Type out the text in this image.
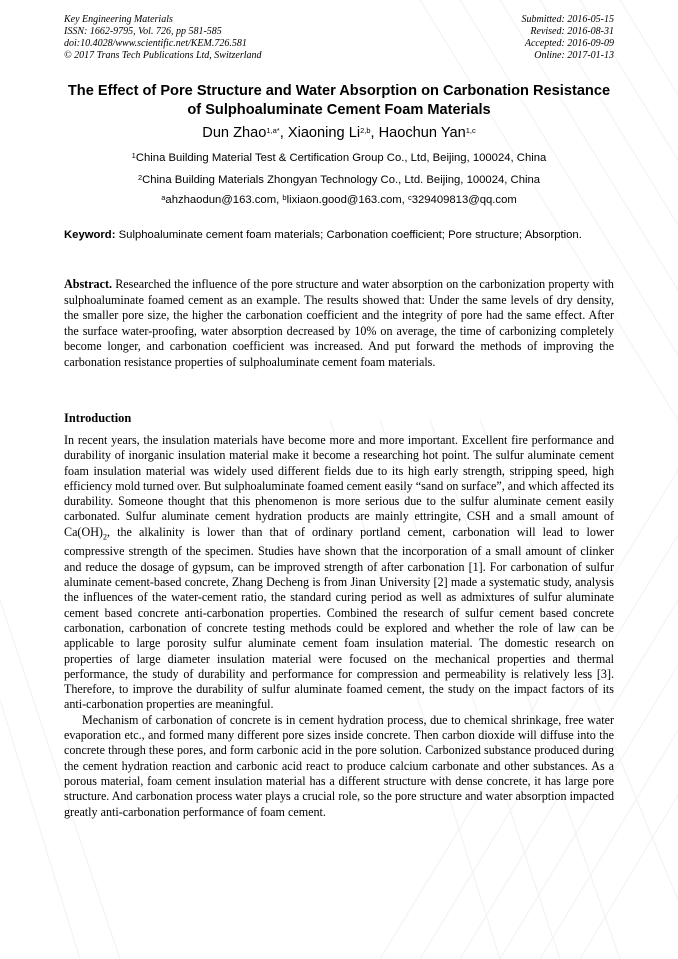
Key Engineering Materials
ISSN: 1662-9795, Vol. 726, pp 581-585
doi:10.4028/www.scientific.net/KEM.726.581
© 2017 Trans Tech Publications Ltd, Switzerland
Submitted: 2016-05-15
Revised: 2016-08-31
Accepted: 2016-09-09
Online: 2017-01-13
The Effect of Pore Structure and Water Absorption on Carbonation Resistance of Sulphoaluminate Cement Foam Materials
Dun Zhao$^{1,a*}$, Xiaoning Li$^{2,b}$, Haochun Yan$^{1,c}$
$^1$China Building Material Test & Certification Group Co., Ltd, Beijing, 100024, China
$^2$China Building Materials Zhongyan Technology Co., Ltd. Beijing, 100024, China
$^a$ahzhaodun@163.com, $^b$lixiaon.good@163.com, $^c$329409813@qq.com
Keyword: Sulphoaluminate cement foam materials; Carbonation coefficient; Pore structure; Absorption.
Abstract. Researched the influence of the pore structure and water absorption on the carbonization property with sulphoaluminate foamed cement as an example. The results showed that: Under the same levels of dry density, the smaller pore size, the higher the carbonation coefficient and the integrity of pore had the same effect. After the surface water-proofing, water absorption decreased by 10% on average, the time of carbonizing completely become longer, and carbonation coefficient was increased. And put forward the methods of improving the carbonation resistance properties of sulphoaluminate cement foam materials.
Introduction

In recent years, the insulation materials have become more and more important. Excellent fire performance and durability of inorganic insulation material make it become a researching hot point. The sulfur aluminate cement foam insulation material was widely used different fields due to its high early strength, stripping speed, high efficiency mold turned over. But sulphoaluminate foamed cement easily “sand on surface”, and which affected its durability. Someone thought that this phenomenon is more serious due to the sulfur aluminate cement easily carbonated. Sulfur aluminate cement hydration products are mainly ettringite, CSH and a small amount of $Ca(OH)_2$, the alkalinity is lower than that of ordinary portland cement, carbonation will lead to lower compressive strength of the specimen. Studies have shown that the incorporation of a small amount of clinker and reduce the dosage of gypsum, can be improved strength of after carbonation [1]. For carbonation of sulfur aluminate cement-based concrete, Zhang Decheng is from Jinan University [2] made a systematic study, analysis the influences of the water-cement ratio, the standard curing period as well as admixtures of sulfur aluminate cement based concrete anti-carbonation properties. Combined the research of sulfur cement based concrete carbonation, carbonation of concrete testing methods could be explored and whether the role of law can be applicable to large porosity sulfur aluminate cement foam insulation material. The domestic research on properties of large diameter insulation material were focused on the mechanical properties and thermal performance, the study of durability and performance for compression and permeability is relatively less [3]. Therefore, to improve the durability of sulfur aluminate foamed cement, the study on the impact factors of its anti-carbonation properties are meaningful.

Mechanism of carbonation of concrete is in cement hydration process, due to chemical shrinkage, free water evaporation etc., and formed many different pore sizes inside concrete. Then carbon dioxide will diffuse into the concrete through these pores, and form carbonic acid in the pore solution. Carbonized substance produced during the cement hydration reaction and carbonic acid react to produce calcium carbonate and other substances. As a porous material, foam cement insulation material has a different structure with dense concrete, it has large pore structure. And carbonation process water plays a crucial role, so the pore structure and water absorption impacted greatly anti-carbonation performance of foam cement.
